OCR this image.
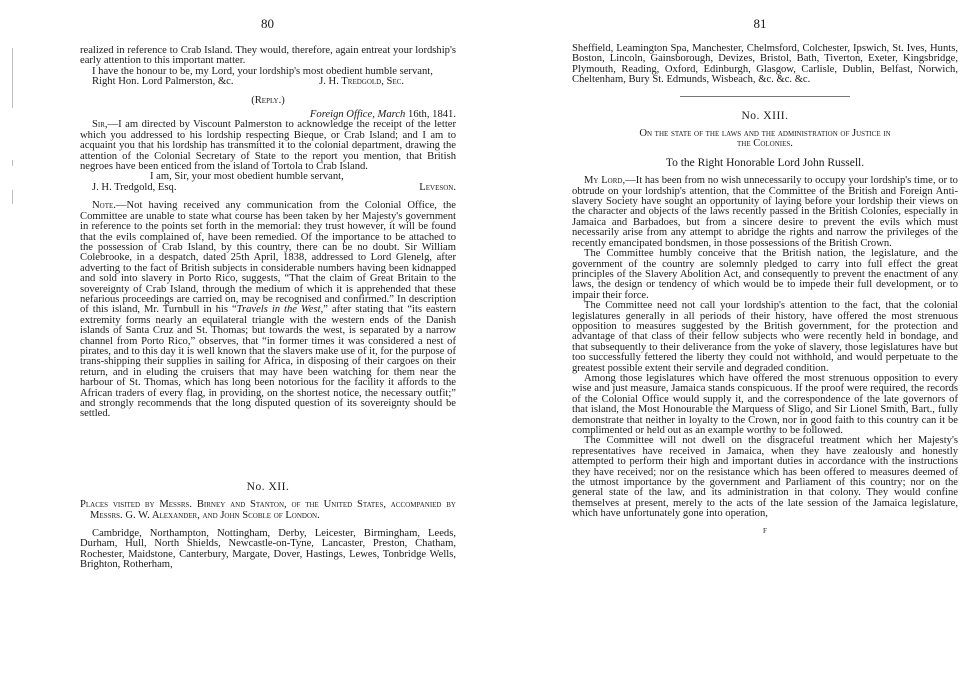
80

realized in reference to Crab Island. They would, therefore, again entreat your lordship's early attention to this important matter.

I have the honour to be, my Lord, your lordship's most obedient humble servant,

Right Hon. Lord Palmerston, &c.	J. H. Tredgold, Sec.

(Reply.)

Foreign Office, March 16th, 1841.

Sir,—I am directed by Viscount Palmerston to acknowledge the receipt of the letter which you addressed to his lordship respecting Bieque, or Crab Island; and I am to acquaint you that his lordship has transmitted it to the colonial department, drawing the attention of the Colonial Secretary of State to the report you mention, that British negroes have been enticed from the island of Tortola to Crab Island.

I am, Sir, your most obedient humble servant,

J. H. Tredgold, Esq.	Leveson.

Note.—Not having received any communication from the Colonial Office, the Committee are unable to state what course has been taken by her Majesty's government in reference to the points set forth in the memorial: they trust however, it will be found that the evils complained of, have been remedied. Of the importance to be attached to the possession of Crab Island, by this country, there can be no doubt. Sir William Colebrooke, in a despatch, dated 25th April, 1838, addressed to Lord Glenelg, after adverting to the fact of British subjects in considerable numbers having been kidnapped and sold into slavery in Porto Rico, suggests, “That the claim of Great Britain to the sovereignty of Crab Island, through the medium of which it is apprehended that these nefarious proceedings are carried on, may be recognised and confirmed.” In description of this island, Mr. Turnbull in his “Travels in the West,” after stating that “its eastern extremity forms nearly an equilateral triangle with the western ends of the Danish islands of Santa Cruz and St. Thomas; but towards the west, is separated by a narrow channel from Porto Rico,” observes, that “in former times it was considered a nest of pirates, and to this day it is well known that the slavers make use of it, for the purpose of trans-shipping their supplies in sailing for Africa, in disposing of their cargoes on their return, and in eluding the cruisers that may have been watching for them near the harbour of St. Thomas, which has long been notorious for the facility it affords to the African traders of every flag, in providing, on the shortest notice, the necessary outfit;” and strongly recommends that the long disputed question of its sovereignty should be settled.

No. XII.

Places visited by Messrs. Birney and Stanton, of the United States, accompanied by Messrs. G. W. Alexander, and John Scoble of London.

Cambridge, Northampton, Nottingham, Derby, Leicester, Birmingham, Leeds, Durham, Hull, North Shields, Newcastle-on-Tyne, Lancaster, Preston, Chatham, Rochester, Maidstone, Canterbury, Margate, Dover, Hastings, Lewes, Tonbridge Wells, Brighton, Rotherham,

81

Sheffield, Leamington Spa, Manchester, Chelmsford, Colchester, Ipswich, St. Ives, Hunts, Boston, Lincoln, Gainsborough, Devizes, Bristol, Bath, Tiverton, Exeter, Kingsbridge, Plymouth, Reading, Oxford, Edinburgh, Glasgow, Carlisle, Dublin, Belfast, Norwich, Cheltenham, Bury St. Edmunds, Wisbeach, &c. &c. &c.

No. XIII.

On the state of the laws and the administration of Justice in

the Colonies.

To the Right Honorable Lord John Russell.

My Lord,—It has been from no wish unnecessarily to occupy your lordship's time, or to obtrude on your lordship's attention, that the Committee of the British and Foreign Anti-slavery Society have sought an opportunity of laying before your lordship their views on the character and objects of the laws recently passed in the British Colonies, especially in Jamaica and Barbadoes, but from a sincere desire to prevent the evils which must necessarily arise from any attempt to abridge the rights and narrow the privileges of the recently emancipated bondsmen, in those possessions of the British Crown.

The Committee humbly conceive that the British nation, the legislature, and the government of the country are solemnly pledged to carry into full effect the great principles of the Slavery Abolition Act, and consequently to prevent the enactment of any laws, the design or tendency of which would be to impede their full development, or to impair their force.

The Committee need not call your lordship's attention to the fact, that the colonial legislatures generally in all periods of their history, have offered the most strenuous opposition to measures suggested by the British government, for the protection and advantage of that class of their fellow subjects who were recently held in bondage, and that subsequently to their deliverance from the yoke of slavery, those legislatures have but too successfully fettered the liberty they could not withhold, and would perpetuate to the greatest possible extent their servile and degraded condition.

Among those legislatures which have offered the most strenuous opposition to every wise and just measure, Jamaica stands conspicuous. If the proof were required, the records of the Colonial Office would supply it, and the correspondence of the late governors of that island, the Most Honourable the Marquess of Sligo, and Sir Lionel Smith, Bart., fully demonstrate that neither in loyalty to the Crown, nor in good faith to this country can it be complimented or held out as an example worthy to be followed.

The Committee will not dwell on the disgraceful treatment which her Majesty's representatives have received in Jamaica, when they have zealously and honestly attempted to perform their high and important duties in accordance with the instructions they have received; nor on the resistance which has been offered to measures deemed of the utmost importance by the government and Parliament of this country; nor on the general state of the law, and its administration in that colony. They would confine themselves at present, merely to the acts of the late session of the Jamaica legislature, which have unfortunately gone into operation,

F
